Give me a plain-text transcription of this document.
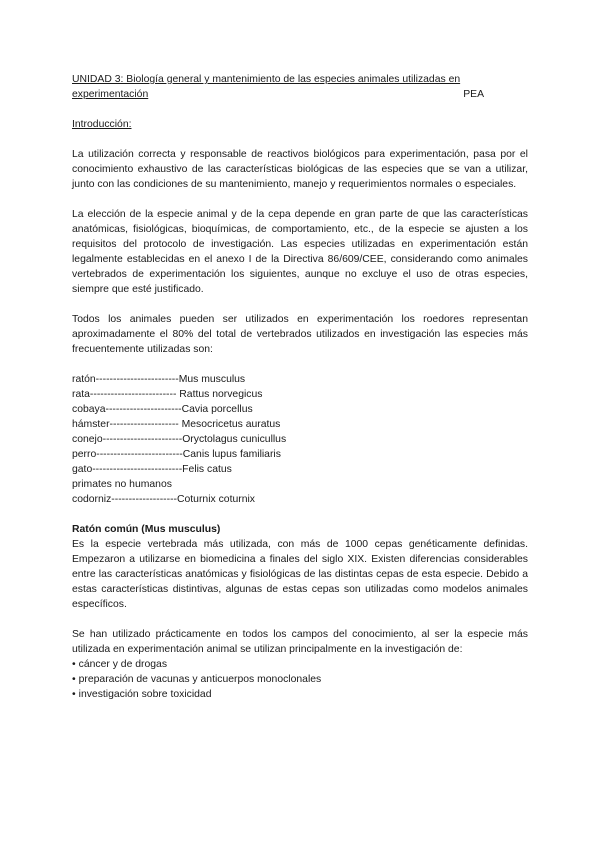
UNIDAD 3: Biología general y mantenimiento de las especies animales utilizadas en
experimentación	PEA

Introducción:

La utilización correcta y responsable de reactivos biológicos para experimentación, pasa por el conocimiento exhaustivo de las características biológicas de las especies que se van a utilizar, junto con las condiciones de su mantenimiento, manejo y requerimientos normales o especiales.

La elección de la especie animal y de la cepa depende en gran parte de que las características anatómicas, fisiológicas, bioquímicas, de comportamiento, etc., de la especie se ajusten a los requisitos del protocolo de investigación. Las especies utilizadas en experimentación están legalmente establecidas en el anexo I de la Directiva 86/609/CEE, considerando como animales vertebrados de experimentación los siguientes, aunque no excluye el uso de otras especies, siempre que esté justificado.

Todos los animales pueden ser utilizados en experimentación los roedores representan aproximadamente el 80% del total de vertebrados utilizados en investigación las especies más frecuentemente utilizadas son:

ratón------------------------Mus musculus
rata------------------------- Rattus norvegicus
cobaya----------------------Cavia porcellus
hámster-------------------- Mesocricetus auratus
conejo-----------------------Oryctolagus cunicullus
perro-------------------------Canis lupus familiaris
gato--------------------------Felis catus
primates no humanos
codorniz-------------------Coturnix coturnix

Ratón común (Mus musculus)

Es la especie vertebrada más utilizada, con más de 1000 cepas genéticamente definidas. Empezaron a utilizarse en biomedicina a finales del siglo XIX. Existen diferencias considerables entre las características anatómicas y fisiológicas de las distintas cepas de esta especie. Debido a estas características distintivas, algunas de estas cepas son utilizadas como modelos animales específicos.

Se han utilizado prácticamente en todos los campos del conocimiento, al ser la especie más utilizada en experimentación animal se utilizan principalmente en la investigación de:

• cáncer y de drogas
• preparación de vacunas y anticuerpos monoclonales
• investigación sobre toxicidad
